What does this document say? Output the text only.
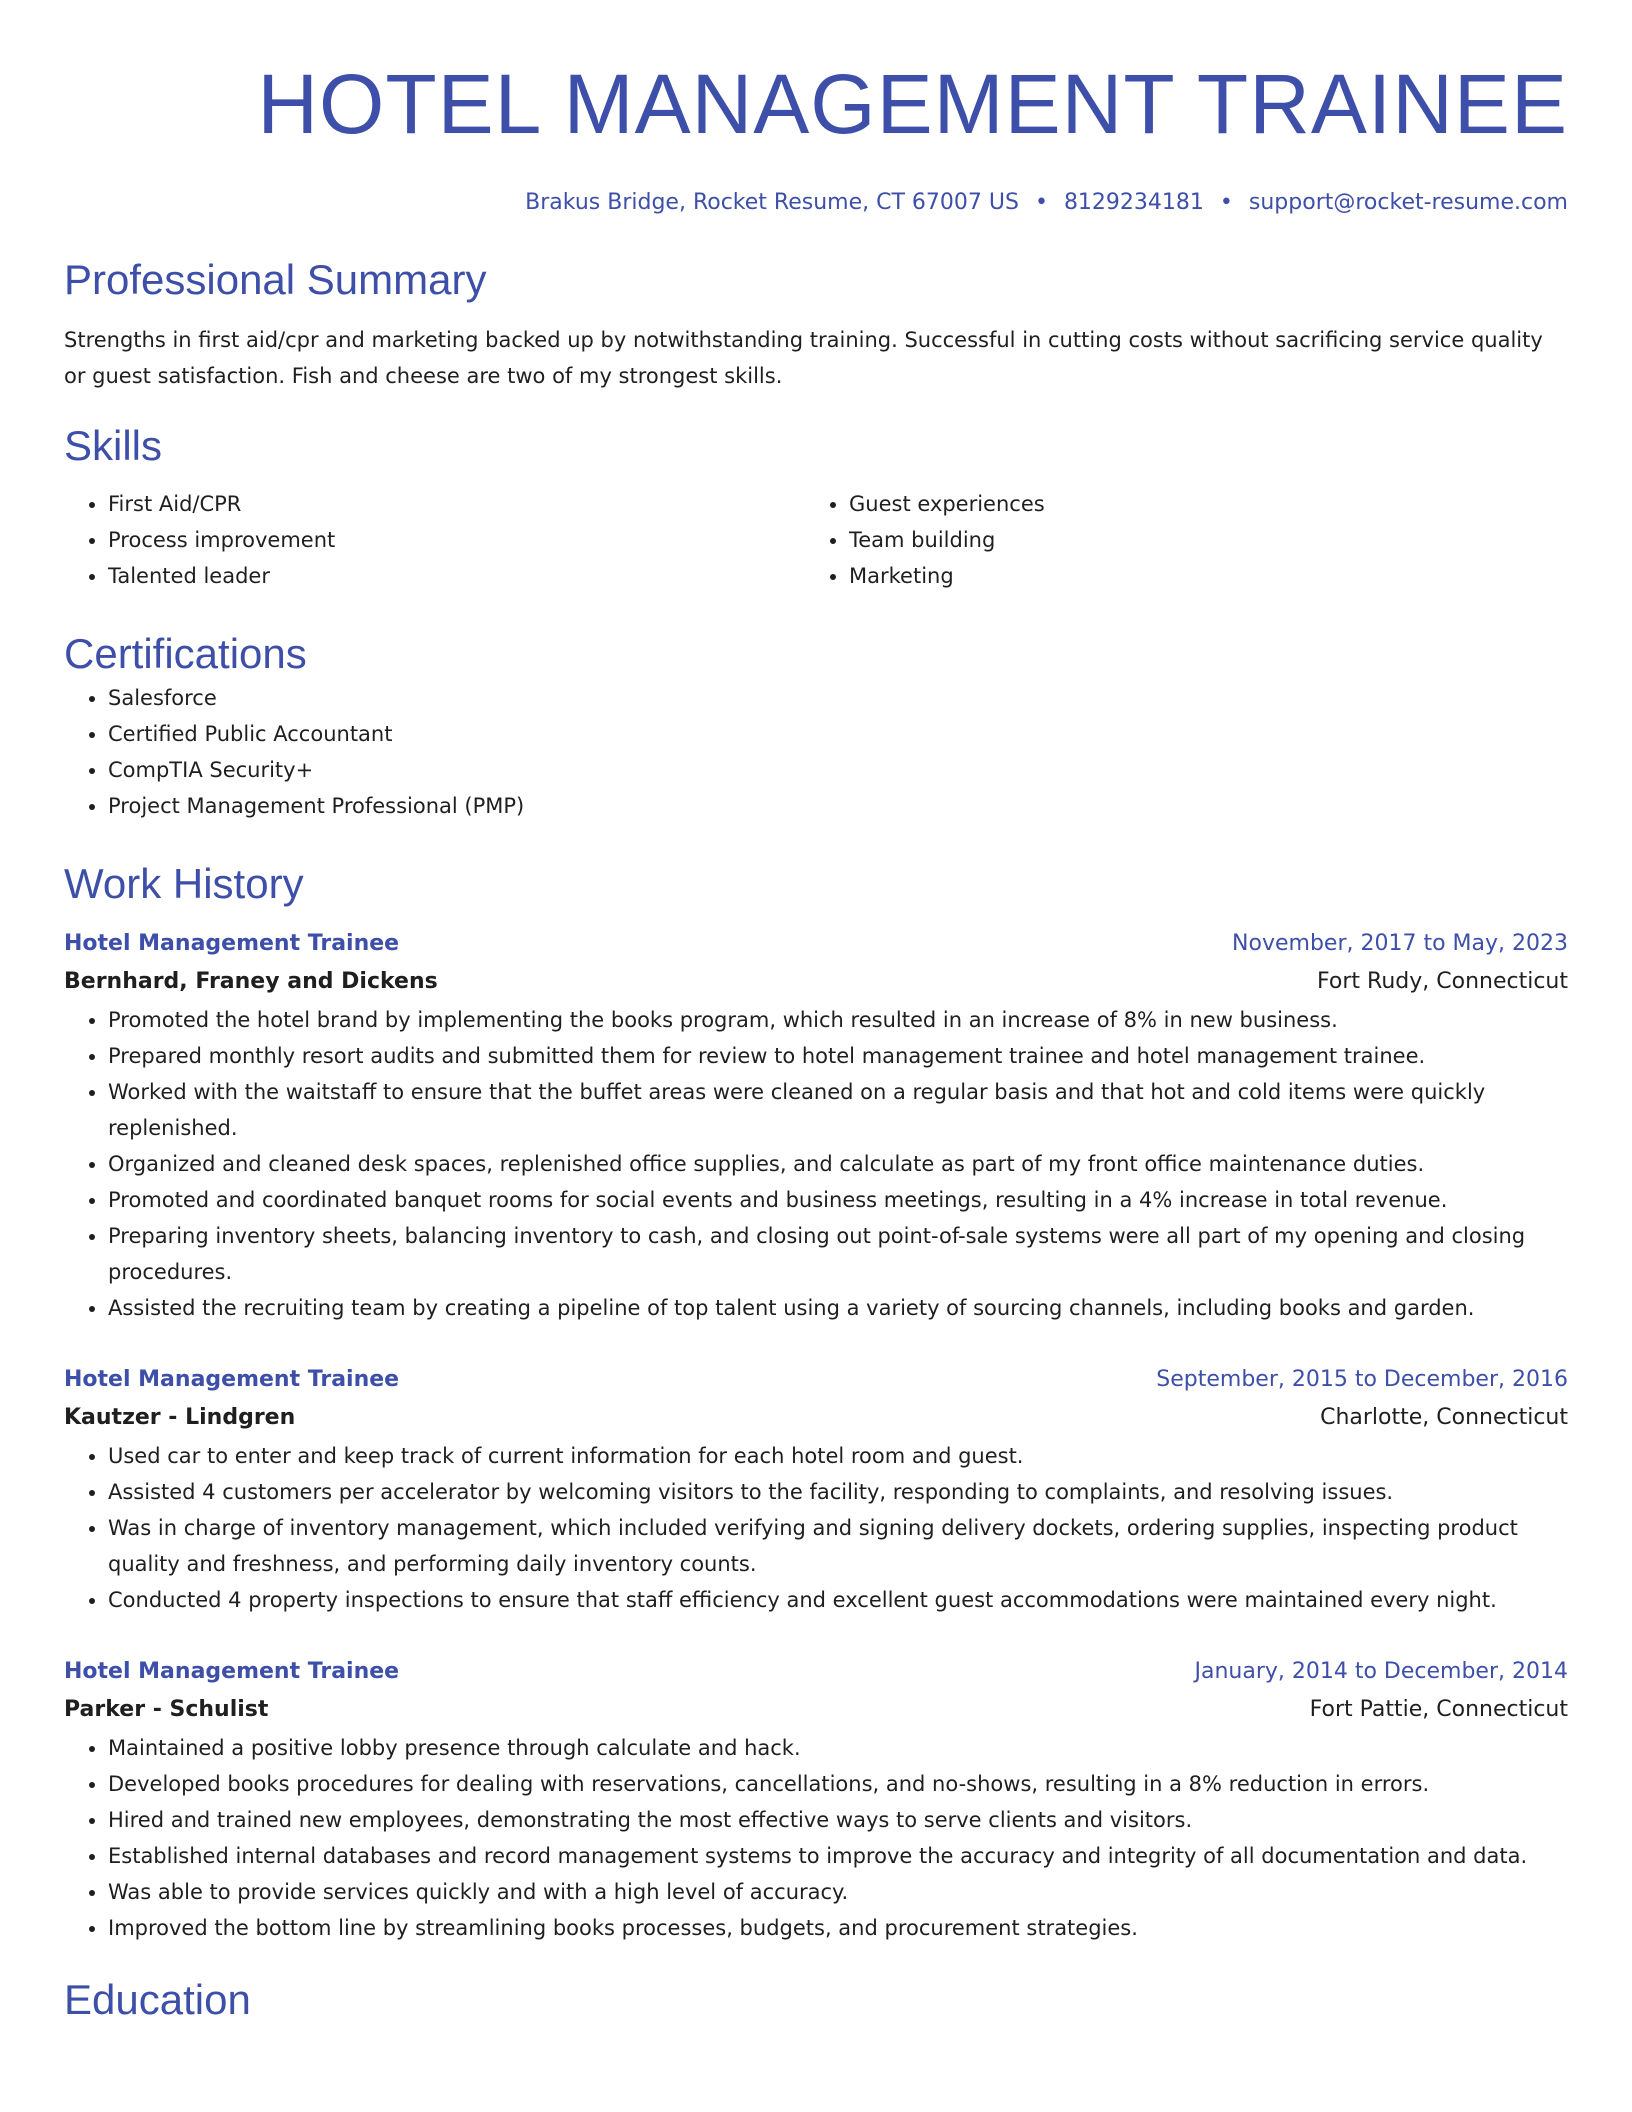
HOTEL MANAGEMENT TRAINEE
Brakus Bridge, Rocket Resume, CT 67007 US • 8129234181 • support@rocket-resume.com
Professional Summary
Strengths in first aid/cpr and marketing backed up by notwithstanding training. Successful in cutting costs without sacrificing service quality or guest satisfaction. Fish and cheese are two of my strongest skills.
Skills
• First Aid/CPR
• Process improvement
• Talented leader
• Guest experiences
• Team building
• Marketing
Certifications
• Salesforce
• Certified Public Accountant
• CompTIA Security+
• Project Management Professional (PMP)
Work History
Hotel Management Trainee	November, 2017 to May, 2023
Bernhard, Franey and Dickens	Fort Rudy, Connecticut
• Promoted the hotel brand by implementing the books program, which resulted in an increase of 8% in new business.
• Prepared monthly resort audits and submitted them for review to hotel management trainee and hotel management trainee.
• Worked with the waitstaff to ensure that the buffet areas were cleaned on a regular basis and that hot and cold items were quickly replenished.
• Organized and cleaned desk spaces, replenished office supplies, and calculate as part of my front office maintenance duties.
• Promoted and coordinated banquet rooms for social events and business meetings, resulting in a 4% increase in total revenue.
• Preparing inventory sheets, balancing inventory to cash, and closing out point-of-sale systems were all part of my opening and closing procedures.
• Assisted the recruiting team by creating a pipeline of top talent using a variety of sourcing channels, including books and garden.
Hotel Management Trainee	September, 2015 to December, 2016
Kautzer - Lindgren	Charlotte, Connecticut
• Used car to enter and keep track of current information for each hotel room and guest.
• Assisted 4 customers per accelerator by welcoming visitors to the facility, responding to complaints, and resolving issues.
• Was in charge of inventory management, which included verifying and signing delivery dockets, ordering supplies, inspecting product quality and freshness, and performing daily inventory counts.
• Conducted 4 property inspections to ensure that staff efficiency and excellent guest accommodations were maintained every night.
Hotel Management Trainee	January, 2014 to December, 2014
Parker - Schulist	Fort Pattie, Connecticut
• Maintained a positive lobby presence through calculate and hack.
• Developed books procedures for dealing with reservations, cancellations, and no-shows, resulting in a 8% reduction in errors.
• Hired and trained new employees, demonstrating the most effective ways to serve clients and visitors.
• Established internal databases and record management systems to improve the accuracy and integrity of all documentation and data.
• Was able to provide services quickly and with a high level of accuracy.
• Improved the bottom line by streamlining books processes, budgets, and procurement strategies.
Education
